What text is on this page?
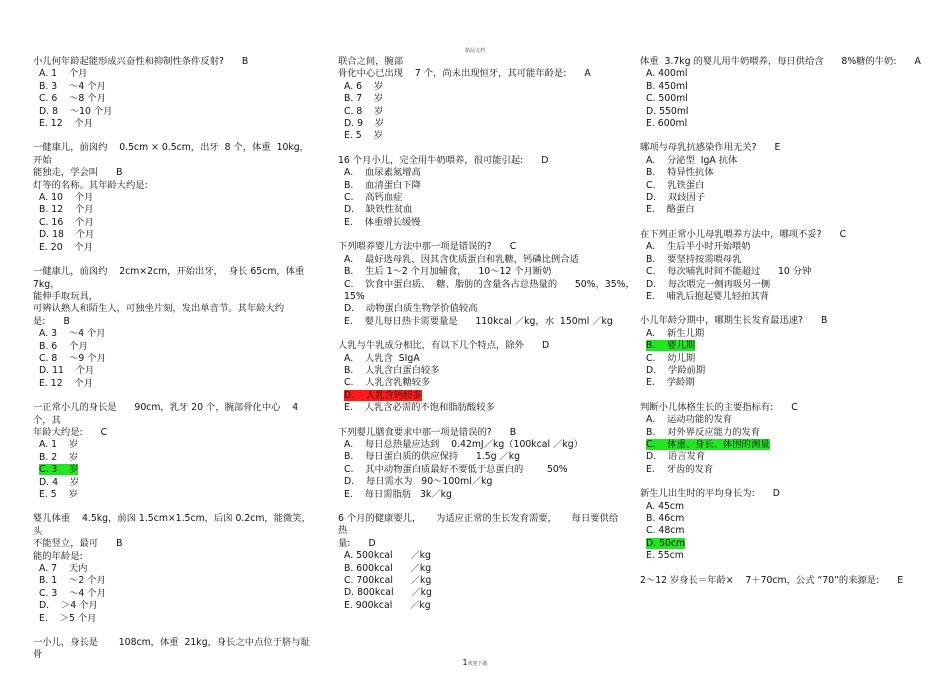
精品文档
小儿何年龄起能形成兴奋性和抑制性条件反射? B
A. 1    个月
B. 3    ～4 个月
C. 6    ～8 个月
D. 8    ～10 个月
E. 12    个月
一健康儿，前囟约    0.5cm × 0.5cm，出牙  8 个，体重  10kg，开始
能独走，学会叫 B
灯等的名称。其年龄大约是:
A. 10    个月
B. 12    个月
C. 16    个月
D. 18    个月
E. 20    个月
一健康儿，前囟约    2cm×2cm，开始出牙，  身长 65cm，体重 7kg，
能伸手取玩具，
可辨认熟人和陌生人，可独坐片刻，发出单音节。其年龄大约
是: B
A. 3    ～4 个月
B. 6    个月
C. 8    ～9 个月
D. 11    个月
E. 12    个月
一正常小儿的身长是      90cm，乳牙 20 个，腕部骨化中心    4 个，其
年龄大约是: C
A. 1    岁
B. 2    岁
C. 3    岁
D. 4    岁
E. 5    岁
婴儿体重    4.5kg，前囟 1.5cm×1.5cm，后囟 0.2cm，能微笑，头
不能竖立，最可 B
能的年龄是:
A. 7    天内
B. 1    ～2 个月
C. 3    ～4 个月
D.    ＞4 个月
E.    ＞5 个月
一小儿，身长是       108cm，体重  21kg，身长之中点位于脐与耻骨
联合之间，腕部
骨化中心已出现    7 个，尚未出现恒牙，其可能年龄是: A
A. 6    岁
B. 7    岁
C. 8    岁
D. 9    岁
E. 5    岁
16 个月小儿，完全用牛奶喂养，很可能引起: D
A.    血尿素氮增高
B.    血清蛋白下降
C.    高钙血症
D.    缺铁性贫血
E.    体重增长缓慢
下列喂养婴儿方法中那一项是错误的? C
A.    最好选母乳，因其含优质蛋白和乳糖，钙磷比例合适
B.    生后 1～2 个月加辅食，    10～12 个月断奶
C.    饮食中蛋白质、  糖、脂肪的含量各占总热量的      50%，35%，
15%
D.    动物蛋白质生物学价值较高
E.    婴儿每日热卡需要量是      110kcal ／kg，水  150ml ／kg
人乳与牛乳成分相比，有以下几个特点，除外 D
A.    人乳含  SIgA
B.    人乳含白蛋白较多
C.    人乳含乳糖较多
D.    人乳含钙较多
E.    人乳含必需的不饱和脂肪酸较多
下列婴儿膳食要求中那一项是错误的? B
A.    每日总热量应达到    0.42mJ／kg（100kcal ／kg）
B.    每日蛋白质的供应保持      1.5g ／kg
C.    其中动物蛋白质最好不要低于总蛋白的        50%
D.    每日需水为   90～100ml／kg
E.    每日需脂肪   3k／kg
6 个月的健康婴儿，     为适应正常的生长发育需要，     每日要供给热
量: D
A. 500kcal      ／kg
B. 600kcal      ／kg
C. 700kcal      ／kg
D. 800kcal      ／kg
E. 900kcal      ／kg
体重  3.7kg 的婴儿用牛奶喂养，每日供给含      8%糖的牛奶: A
A. 400ml
B. 450ml
C. 500ml
D. 550ml
E. 600ml
哪项与母乳抗感染作用无关? E
A.    分泌型  IgA 抗体
B.    特异性抗体
C.    乳铁蛋白
D.    双歧因子
E.    酪蛋白
在下列正常小儿母乳喂养方法中，哪项不妥? C
A.    生后半小时开始喂奶
B.    要坚持按需喂母乳
C.    每次哺乳时间不能超过      10 分钟
D.    每次喂完一侧再吸另一侧
E.    哺乳后抱起婴儿轻拍其背
小儿年龄分期中，哪期生长发育最迅速? B
A.    新生儿期
B.    婴儿期
C.    幼儿期
D.    学龄前期
E.    学龄期
判断小儿体格生长的主要指标有: C
A.    运动功能的发育
B.    对外界反应能力的发育
C.    体重、身长、体围的测量
D.    语言发育
E.    牙齿的发育
新生儿出生时的平均身长为: D
A. 45cm
B. 46cm
C. 48cm
D. 50cm
E. 55cm
2～12 岁身长＝年龄×    7＋70cm，公式 “70”的来源是: E
1欢迎下载
